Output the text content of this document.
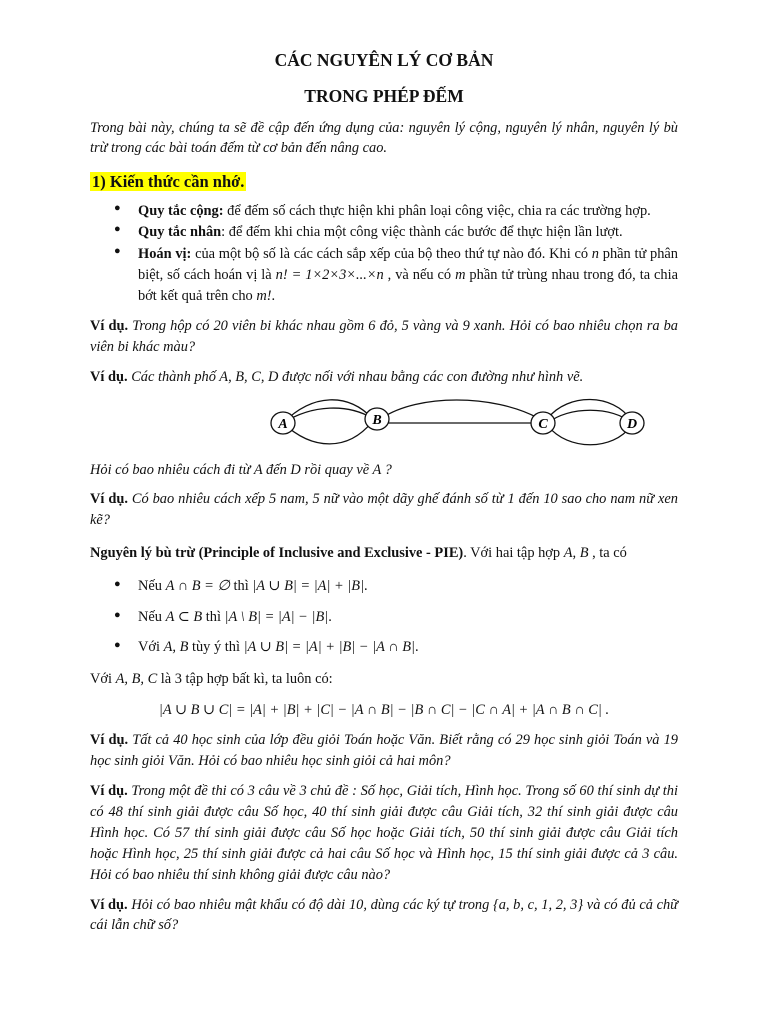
CÁC NGUYÊN LÝ CƠ BẢN
TRONG PHÉP ĐẾM
Trong bài này, chúng ta sẽ đề cập đến ứng dụng của: nguyên lý cộng, nguyên lý nhân, nguyên lý bù trừ trong các bài toán đếm từ cơ bản đến nâng cao.
1) Kiến thức cần nhớ.
● Quy tắc cộng: để đếm số cách thực hiện khi phân loại công việc, chia ra các trường hợp.
● Quy tắc nhân: để đếm khi chia một công việc thành các bước để thực hiện lần lượt.
● Hoán vị: của một bộ số là các cách sắp xếp của bộ theo thứ tự nào đó. Khi có n phần tử phân biệt, số cách hoán vị là n! = 1×2×3×...×n , và nếu có m phần tử trùng nhau trong đó, ta chia bớt kết quả trên cho m!.
Ví dụ. Trong hộp có 20 viên bi khác nhau gồm 6 đỏ, 5 vàng và 9 xanh. Hỏi có bao nhiêu chọn ra ba viên bi khác màu?
Ví dụ. Các thành phố A, B, C, D được nối với nhau bằng các con đường như hình vẽ.
A	B	C	D
Hỏi có bao nhiêu cách đi từ A đến D rồi quay về A ?
Ví dụ. Có bao nhiêu cách xếp 5 nam, 5 nữ vào một dãy ghế đánh số từ 1 đến 10 sao cho nam nữ xen kẽ?
Nguyên lý bù trừ (Principle of Inclusive and Exclusive - PIE). Với hai tập hợp A, B , ta có
● Nếu A ∩ B = ∅ thì |A ∪ B| = |A| + |B|.
● Nếu A ⊂ B thì |A \ B| = |A| − |B|.
● Với A, B tùy ý thì |A ∪ B| = |A| + |B| − |A ∩ B|.
Với A, B, C là 3 tập hợp bất kì, ta luôn có:
|A ∪ B ∪ C| = |A| + |B| + |C| − |A ∩ B| − |B ∩ C| − |C ∩ A| + |A ∩ B ∩ C| .
Ví dụ. Tất cả 40 học sinh của lớp đều giỏi Toán hoặc Văn. Biết rằng có 29 học sinh giỏi Toán và 19 học sinh giỏi Văn. Hỏi có bao nhiêu học sinh giỏi cả hai môn?
Ví dụ. Trong một đề thi có 3 câu về 3 chủ đề : Số học, Giải tích, Hình học. Trong số 60 thí sinh dự thi có 48 thí sinh giải được câu Số học, 40 thí sinh giải được câu Giải tích, 32 thí sinh giải được câu Hình học. Có 57 thí sinh giải được câu Số học hoặc Giải tích, 50 thí sinh giải được câu Giải tích hoặc Hình học, 25 thí sinh giải được cả hai câu Số học và Hình học, 15 thí sinh giải được cả 3 câu. Hỏi có bao nhiêu thí sinh không giải được câu nào?
Ví dụ. Hỏi có bao nhiêu mật khẩu có độ dài 10, dùng các ký tự trong {a, b, c, 1, 2, 3} và có đủ cả chữ cái lẫn chữ số?
